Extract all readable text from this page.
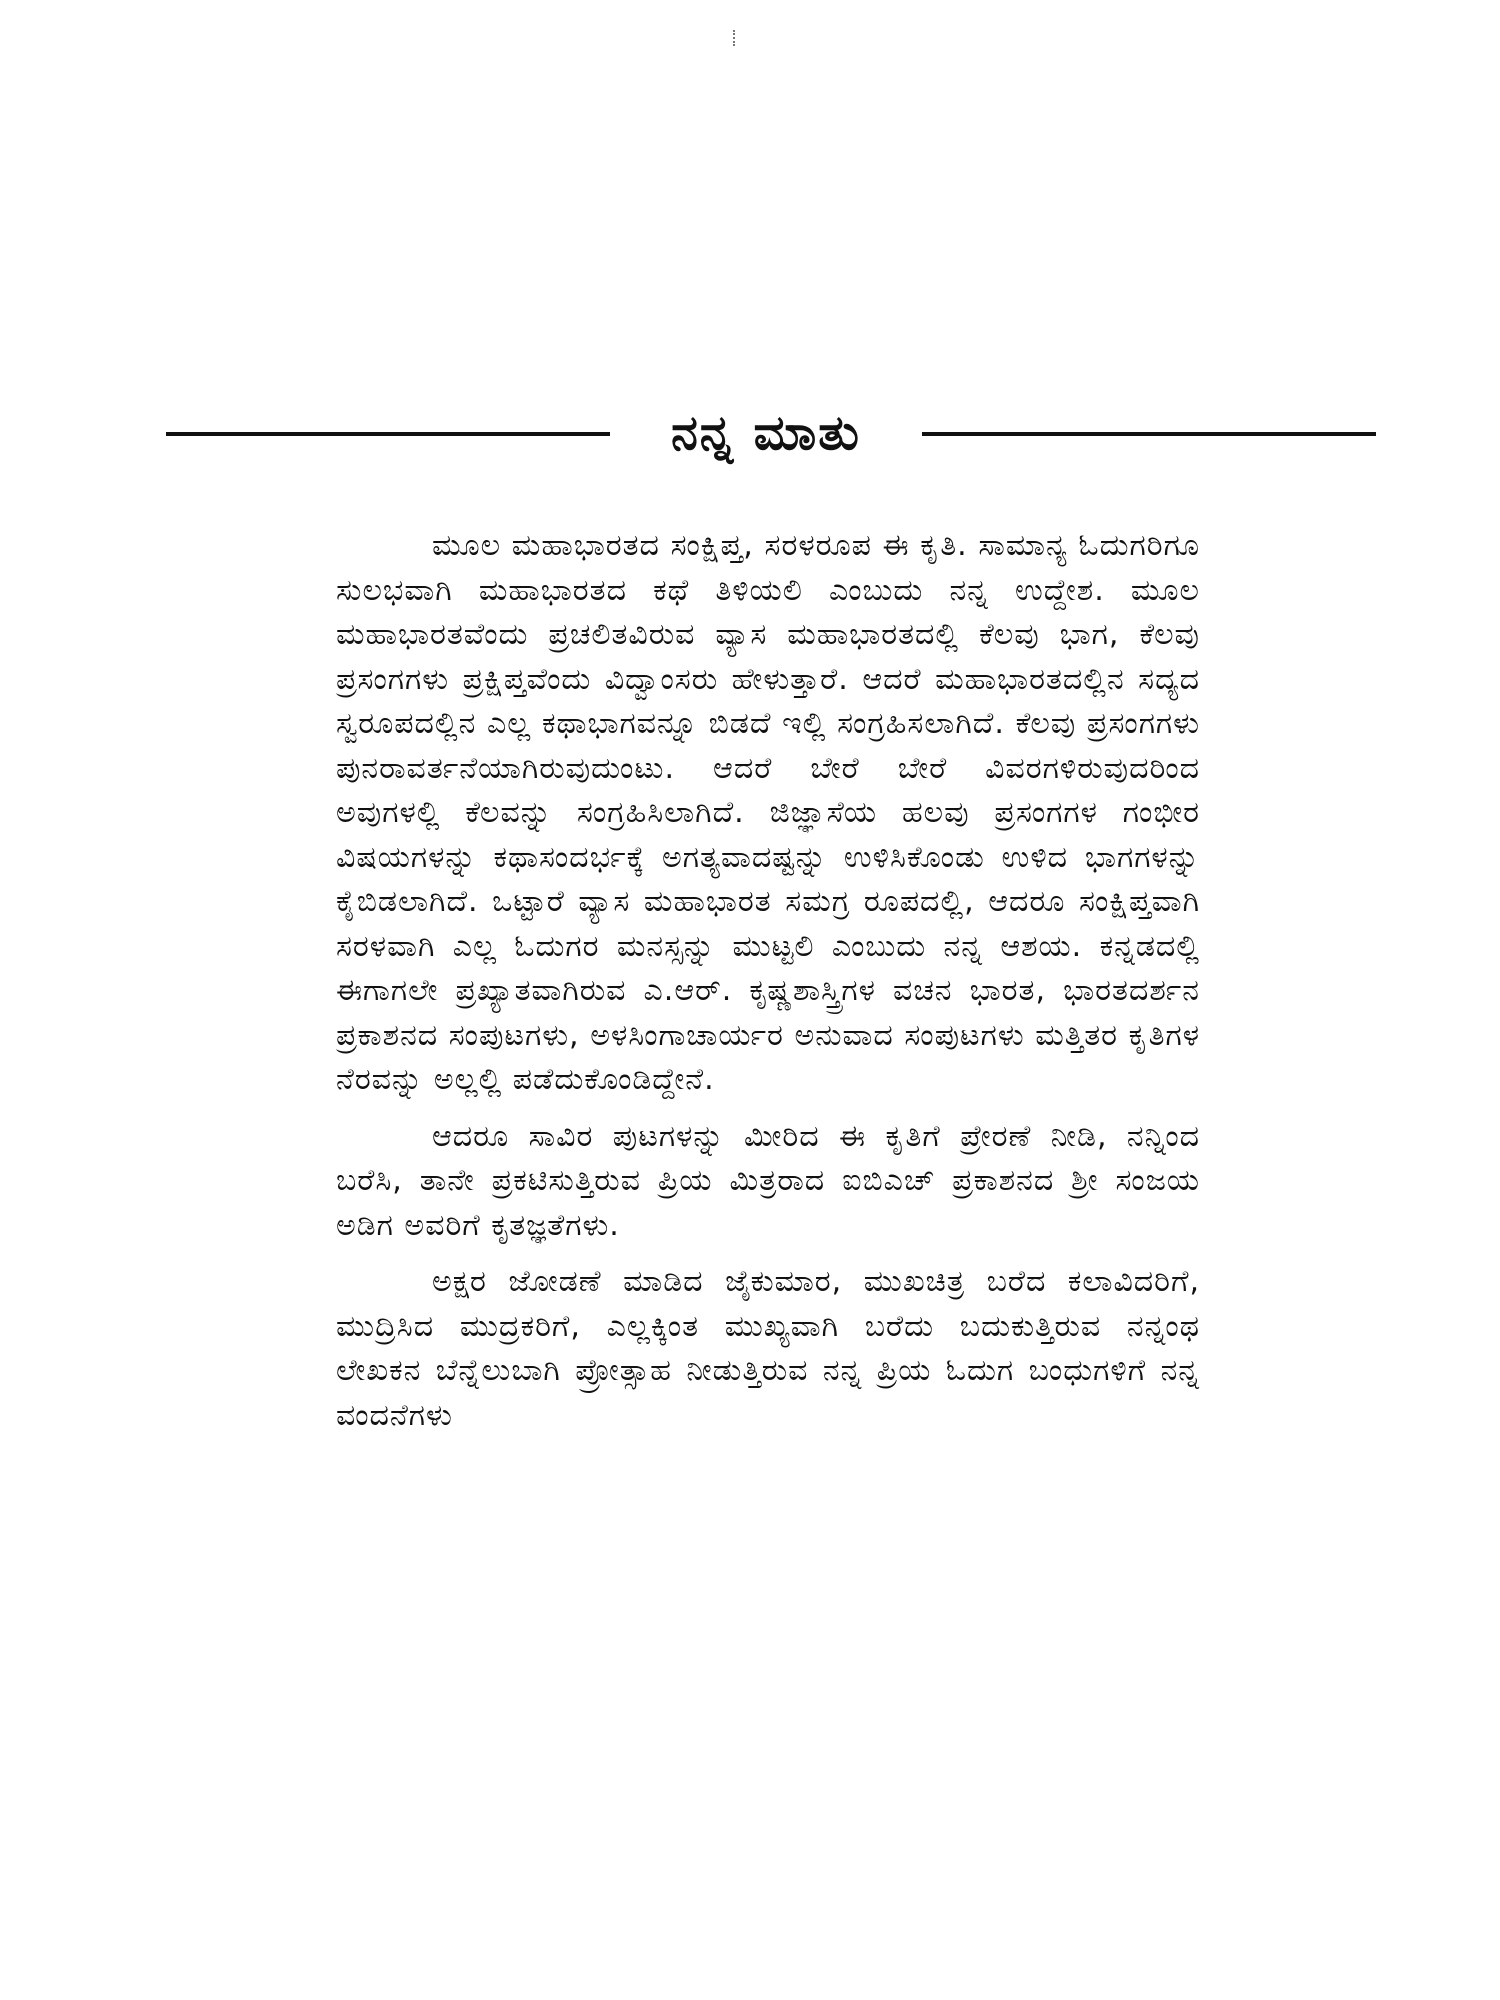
ನನ್ನ ಮಾತು

ಮೂಲ ಮಹಾಭಾರತದ ಸಂಕ್ಷಿಪ್ತ, ಸರಳರೂಪ ಈ ಕೃತಿ. ಸಾಮಾನ್ಯ ಓದುಗರಿಗೂ ಸುಲಭವಾಗಿ ಮಹಾಭಾರತದ ಕಥೆ ತಿಳಿಯಲಿ ಎಂಬುದು ನನ್ನ ಉದ್ದೇಶ. ಮೂಲ ಮಹಾಭಾರತವೆಂದು ಪ್ರಚಲಿತವಿರುವ ವ್ಯಾಸ ಮಹಾಭಾರತದಲ್ಲಿ ಕೆಲವು ಭಾಗ, ಕೆಲವು ಪ್ರಸಂಗಗಳು ಪ್ರಕ್ಷಿಪ್ತವೆಂದು ವಿದ್ವಾಂಸರು ಹೇಳುತ್ತಾರೆ. ಆದರೆ ಮಹಾಭಾರತದಲ್ಲಿನ ಸದ್ಯದ ಸ್ವರೂಪದಲ್ಲಿನ ಎಲ್ಲ ಕಥಾಭಾಗವನ್ನೂ ಬಿಡದೆ ಇಲ್ಲಿ ಸಂಗ್ರಹಿಸಲಾಗಿದೆ. ಕೆಲವು ಪ್ರಸಂಗಗಳು ಪುನರಾವರ್ತನೆಯಾಗಿರುವುದುಂಟು. ಆದರೆ ಬೇರೆ ಬೇರೆ ವಿವರಗಳಿರುವುದರಿಂದ ಅವುಗಳಲ್ಲಿ ಕೆಲವನ್ನು ಸಂಗ್ರಹಿಸಿಲಾಗಿದೆ. ಜಿಜ್ಞಾಸೆಯ ಹಲವು ಪ್ರಸಂಗಗಳ ಗಂಭೀರ ವಿಷಯಗಳನ್ನು ಕಥಾಸಂದರ್ಭಕ್ಕೆ ಅಗತ್ಯವಾದಷ್ಟನ್ನು ಉಳಿಸಿಕೊಂಡು ಉಳಿದ ಭಾಗಗಳನ್ನು ಕೈಬಿಡಲಾಗಿದೆ. ಒಟ್ಟಾರೆ ವ್ಯಾಸ ಮಹಾಭಾರತ ಸಮಗ್ರ ರೂಪದಲ್ಲಿ, ಆದರೂ ಸಂಕ್ಷಿಪ್ತವಾಗಿ ಸರಳವಾಗಿ ಎಲ್ಲ ಓದುಗರ ಮನಸ್ಸನ್ನು ಮುಟ್ಟಲಿ ಎಂಬುದು ನನ್ನ ಆಶಯ. ಕನ್ನಡದಲ್ಲಿ ಈಗಾಗಲೇ ಪ್ರಖ್ಯಾತವಾಗಿರುವ ಎ.ಆರ್. ಕೃಷ್ಣಶಾಸ್ತ್ರಿಗಳ ವಚನ ಭಾರತ, ಭಾರತದರ್ಶನ ಪ್ರಕಾಶನದ ಸಂಪುಟಗಳು, ಅಳಸಿಂಗಾಚಾರ್ಯರ ಅನುವಾದ ಸಂಪುಟಗಳು ಮತ್ತಿತರ ಕೃತಿಗಳ ನೆರವನ್ನು ಅಲ್ಲಲ್ಲಿ ಪಡೆದುಕೊಂಡಿದ್ದೇನೆ.

ಆದರೂ ಸಾವಿರ ಪುಟಗಳನ್ನು ಮೀರಿದ ಈ ಕೃತಿಗೆ ಪ್ರೇರಣೆ ನೀಡಿ, ನನ್ನಿಂದ ಬರೆಸಿ, ತಾನೇ ಪ್ರಕಟಿಸುತ್ತಿರುವ ಪ್ರಿಯ ಮಿತ್ರರಾದ ಐಬಿಎಚ್ ಪ್ರಕಾಶನದ ಶ್ರೀ ಸಂಜಯ ಅಡಿಗ ಅವರಿಗೆ ಕೃತಜ್ಞತೆಗಳು.

ಅಕ್ಷರ ಜೋಡಣೆ ಮಾಡಿದ ಜೈಕುಮಾರ, ಮುಖಚಿತ್ರ ಬರೆದ ಕಲಾವಿದರಿಗೆ, ಮುದ್ರಿಸಿದ ಮುದ್ರಕರಿಗೆ, ಎಲ್ಲಕ್ಕಿಂತ ಮುಖ್ಯವಾಗಿ ಬರೆದು ಬದುಕುತ್ತಿರುವ ನನ್ನಂಥ ಲೇಖಕನ ಬೆನ್ನೆಲುಬಾಗಿ ಪ್ರೋತ್ಸಾಹ ನೀಡುತ್ತಿರುವ ನನ್ನ ಪ್ರಿಯ ಓದುಗ ಬಂಧುಗಳಿಗೆ ನನ್ನ ವಂದನೆಗಳು
